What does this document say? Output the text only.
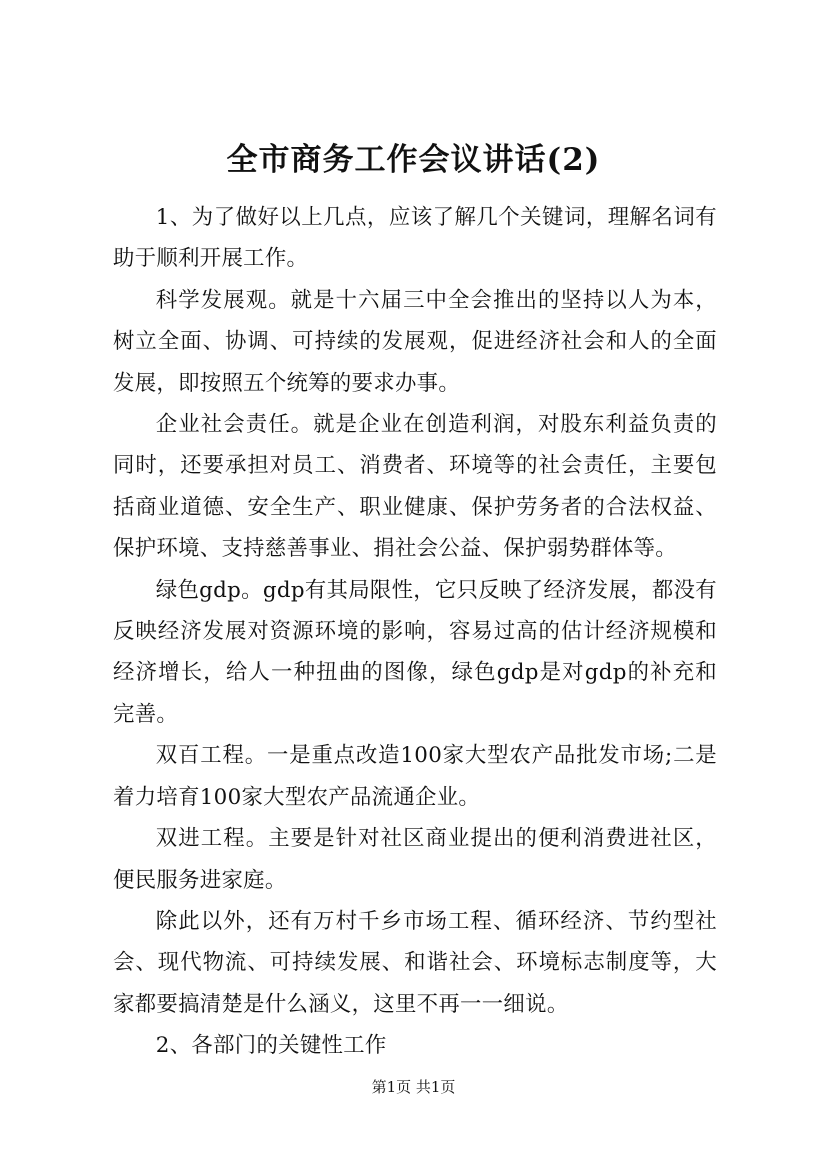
全市商务工作会议讲话(2)

1、为了做好以上几点，应该了解几个关键词，理解名词有助于顺利开展工作。

科学发展观。就是十六届三中全会推出的坚持以人为本，树立全面、协调、可持续的发展观，促进经济社会和人的全面发展，即按照五个统筹的要求办事。

企业社会责任。就是企业在创造利润，对股东利益负责的同时，还要承担对员工、消费者、环境等的社会责任，主要包括商业道德、安全生产、职业健康、保护劳务者的合法权益、保护环境、支持慈善事业、捐社会公益、保护弱势群体等。

绿色gdp。gdp有其局限性，它只反映了经济发展，都没有反映经济发展对资源环境的影响，容易过高的估计经济规模和经济增长，给人一种扭曲的图像，绿色gdp是对gdp的补充和完善。

双百工程。一是重点改造100家大型农产品批发市场;二是着力培育100家大型农产品流通企业。

双进工程。主要是针对社区商业提出的便利消费进社区，便民服务进家庭。

除此以外，还有万村千乡市场工程、循环经济、节约型社会、现代物流、可持续发展、和谐社会、环境标志制度等，大家都要搞清楚是什么涵义，这里不再一一细说。

2、各部门的关键性工作

第1页 共1页
